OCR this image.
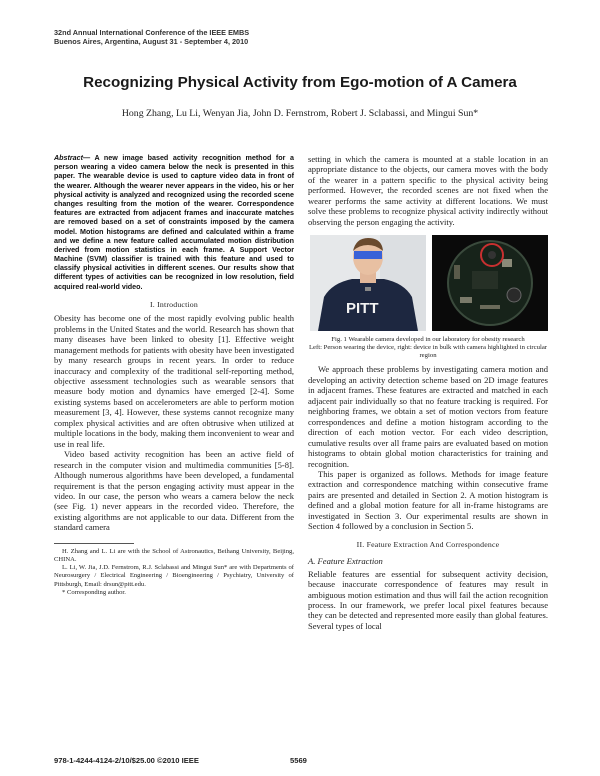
32nd Annual International Conference of the IEEE EMBS
Buenos Aires, Argentina, August 31 - September 4, 2010
Recognizing Physical Activity from Ego-motion of A Camera
Hong Zhang, Lu Li, Wenyan Jia, John D. Fernstrom, Robert J. Sclabassi, and Mingui Sun*
Abstract— A new image based activity recognition method for a person wearing a video camera below the neck is presented in this paper. The wearable device is used to capture video data in front of the wearer. Although the wearer never appears in the video, his or her physical activity is analyzed and recognized using the recorded scene changes resulting from the motion of the wearer. Correspondence features are extracted from adjacent frames and inaccurate matches are removed based on a set of constraints imposed by the camera model. Motion histograms are defined and calculated within a frame and we define a new feature called accumulated motion distribution derived from motion statistics in each frame. A Support Vector Machine (SVM) classifier is trained with this feature and used to classify physical activities in different scenes. Our results show that different types of activities can be recognized in low resolution, field acquired real-world video.
I. Introduction

Obesity has become one of the most rapidly evolving public health problems in the United States and the world. Research has shown that many diseases have been linked to obesity [1]. Effective weight management methods for patients with obesity have been investigated by many research groups in recent years. In order to reduce inaccuracy and complexity of the traditional self-reporting method, objective assessment technologies such as wearable sensors that measure body motion and dynamics have emerged [2-4]. Some existing systems based on accelerometers are able to perform motion measurement [3, 4]. However, these systems cannot recognize many complex physical activities and are often obtrusive when utilized at multiple locations in the body, making them inconvenient to wear and use in real life.

Video based activity recognition has been an active field of research in the computer vision and multimedia communities [5-8]. Although numerous algorithms have been developed, a fundamental requirement is that the person engaging activity must appear in the video. In our case, the person who wears a camera below the neck (see Fig. 1) never appears in the recorded video. Therefore, the existing algorithms are not applicable to our data. Different from the standard camera

H. Zhang and L. Li are with the School of Astronautics, Beihang University, Beijing, CHINA.

L. Li, W. Jia, J.D. Fernstrom, R.J. Sclabassi and Mingui Sun* are with Departments of Neurosurgery / Electrical Engineering / Bioengineering / Psychiatry, University of Pittsburgh, Email: drsun@pitt.edu.

* Corresponding author.

setting in which the camera is mounted at a stable location in an appropriate distance to the objects, our camera moves with the body of the wearer in a pattern specific to the physical activity being performed. However, the recorded scenes are not fixed when the wearer performs the same activity at different locations. We must solve these problems to recognize physical activity indirectly without observing the person engaging the activity.

PITT
Fig. 1 Wearable camera developed in our laboratory for obesity research
Left: Person wearing the device, right: device in bulk with camera highlighted in circular region

We approach these problems by investigating camera motion and developing an activity detection scheme based on 2D image features in adjacent frames. These features are extracted and matched in each adjacent pair individually so that no feature tracking is required. For neighboring frames, we obtain a set of motion vectors from feature correspondences and define a motion histogram according to the direction of each motion vector. For each video description, cumulative results over all frame pairs are evaluated based on motion histograms to obtain global motion characteristics for training and recognition.

This paper is organized as follows. Methods for image feature extraction and correspondence matching within consecutive frame pairs are presented and detailed in Section 2. A motion histogram is defined and a global motion feature for all in-frame histograms are investigated in Section 3. Our experimental results are shown in Section 4 followed by a conclusion in Section 5.

II. Feature Extraction And Correspondence
A. Feature Extraction

Reliable features are essential for subsequent activity decision, because inaccurate correspondence of features may result in ambiguous motion estimation and thus will fail the action recognition process. In our framework, we prefer local pixel features because they can be detected and represented more easily than global features. Several types of local

978-1-4244-4124-2/10/$25.00 ©2010 IEEE	5569
